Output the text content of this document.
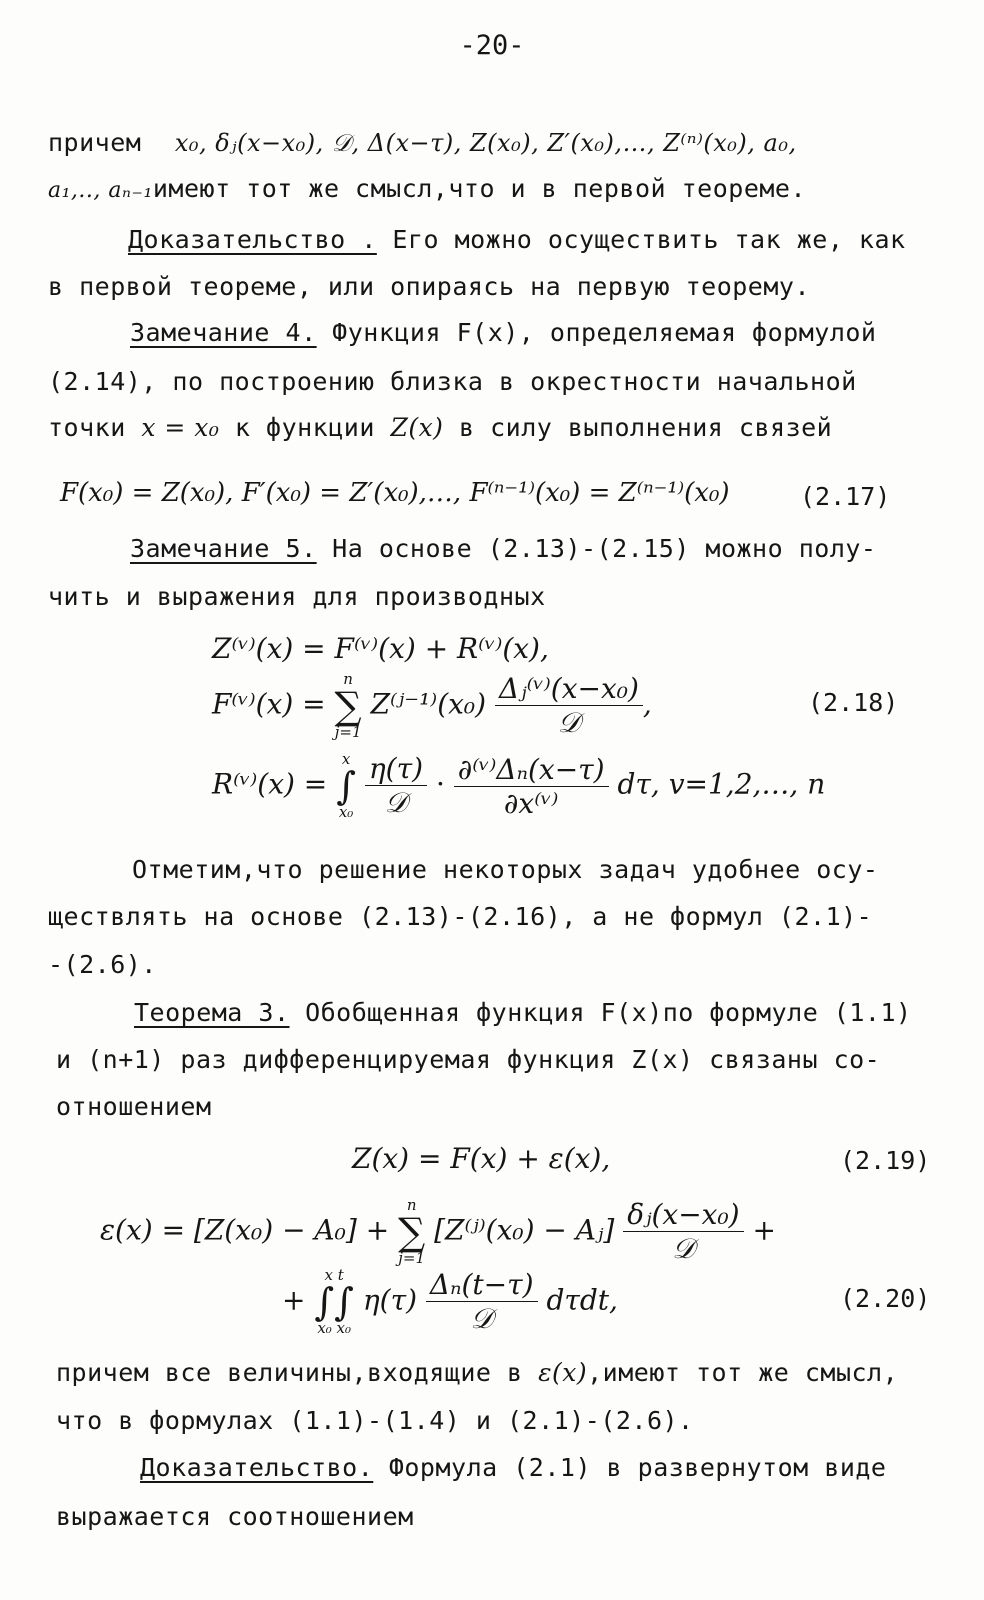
-20-
причем x₀, δⱼ(x−x₀), 𝒟, Δ(x−τ), Z(x₀), Z′(x₀),…, Z⁽ⁿ⁾(x₀), a₀,
a₁,.., aₙ₋₁имеют тот же смысл,что и в первой теореме.
Доказательство_. Его можно осуществить так же, как
в первой теореме, или опираясь на первую теорему.
Замечание 4. Функция F(x), определяемая формулой
(2.14), по построению близка в окрестности начальной
точки x = x₀ к функции Z(x) в силу выполнения связей
F(x₀) = Z(x₀), F′(x₀) = Z′(x₀),…, F⁽ⁿ⁻¹⁾(x₀) = Z⁽ⁿ⁻¹⁾(x₀)	(2.17)
Замечание 5. На основе (2.13)-(2.15) можно полу-
чить и выражения для производных
Z⁽ᵛ⁾(x) = F⁽ᵛ⁾(x) + R⁽ᵛ⁾(x),
F⁽ᵛ⁾(x) =
n
∑
j=1
Z⁽ʲ⁻¹⁾(x₀) $\frac{\text{Δⱼ⁽ᵛ⁾(x−x₀)}}{\text{𝒟}}$ ,	(2.18)
R⁽ᵛ⁾(x) =
x
∫
x₀
$\frac{\eta(\tau)}{\text{𝒟}} \cdot \frac{\text{∂⁽ᵛ⁾Δₙ(x−τ)}}{\text{∂x⁽ᵛ⁾}} d\tau$, v=1,2,…, n
Отметим,что решение некоторых задач удобнее осу-
ществлять на основе (2.13)-(2.16), а не формул (2.1)-
-(2.6).
Теорема 3. Обобщенная функция F(x)по формуле (1.1)
и (n+1) раз дифференцируемая функция Z(x) связаны со-
отношением
Z(x) = F(x) + ε(x),	(2.19)
ε(x) = [Z(x₀) − A₀] +
n
∑
j=1
[Z⁽ʲ⁾(x₀) − Aⱼ] $\frac{\text{δⱼ(x−x₀)}}{\text{𝒟}}$ +
+
x t
∫∫
x₀ x₀
$\eta(\tau) \frac{\text{Δₙ(t−τ)}}{\text{𝒟}} d\tau dt$,	(2.20)
причем все величины,входящие в ε(x),имеют тот же смысл,
что в формулах (1.1)-(1.4) и (2.1)-(2.6).
Доказательство. Формула (2.1) в развернутом виде
выражается соотношением
